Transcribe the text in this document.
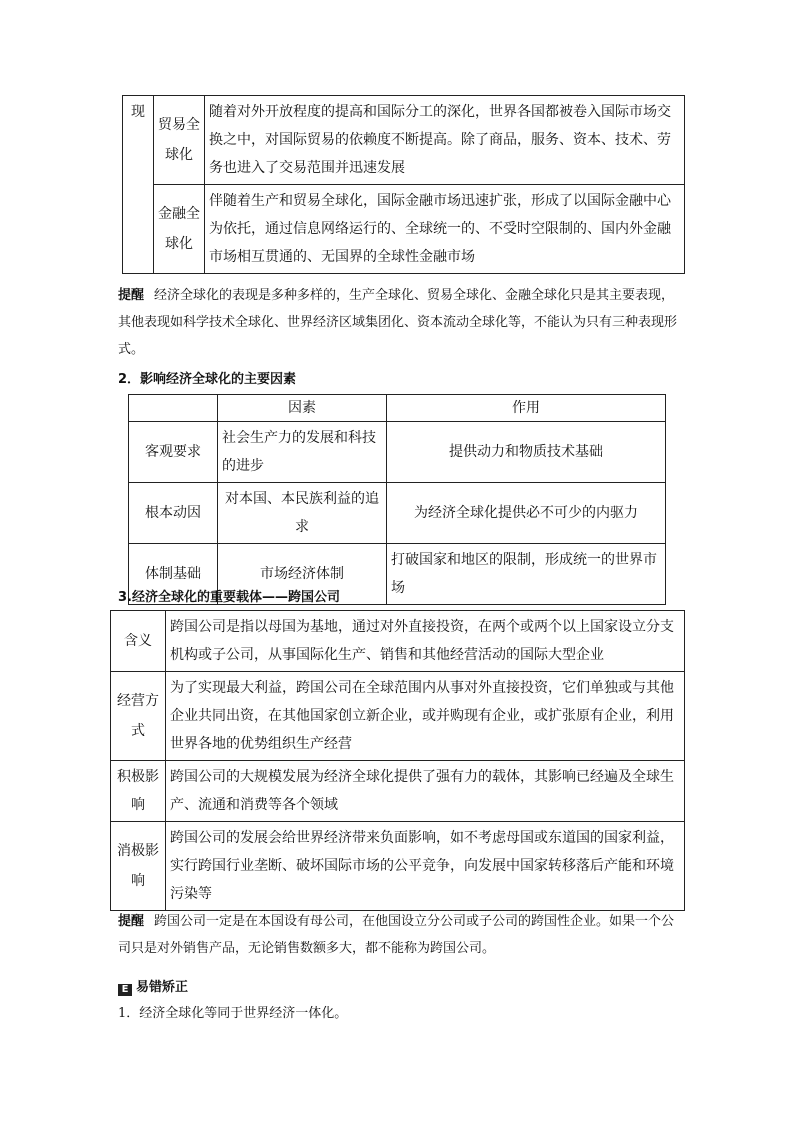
现	贸易全球化	随着对外开放程度的提高和国际分工的深化，世界各国都被卷入国际市场交换之中，对国际贸易的依赖度不断提高。除了商品，服务、资本、技术、劳务也进入了交易范围并迅速发展
	金融全球化	伴随着生产和贸易全球化，国际金融市场迅速扩张，形成了以国际金融中心为依托，通过信息网络运行的、全球统一的、不受时空限制的、国内外金融市场相互贯通的、无国界的全球性金融市场
提醒 经济全球化的表现是多种多样的，生产全球化、贸易全球化、金融全球化只是其主要表现，其他表现如科学技术全球化、世界经济区域集团化、资本流动全球化等，不能认为只有三种表现形式。
2．影响经济全球化的主要因素
	因素	作用
客观要求	社会生产力的发展和科技的进步	提供动力和物质技术基础
根本动因	对本国、本民族利益的追求	为经济全球化提供必不可少的内驱力
体制基础	市场经济体制	打破国家和地区的限制，形成统一的世界市场
3.经济全球化的重要载体——跨国公司
含义	跨国公司是指以母国为基地，通过对外直接投资，在两个或两个以上国家设立分支机构或子公司，从事国际化生产、销售和其他经营活动的国际大型企业
经营方式	为了实现最大利益，跨国公司在全球范围内从事对外直接投资，它们单独或与其他企业共同出资，在其他国家创立新企业，或并购现有企业，或扩张原有企业，利用世界各地的优势组织生产经营
积极影响	跨国公司的大规模发展为经济全球化提供了强有力的载体，其影响已经遍及全球生产、流通和消费等各个领域
消极影响	跨国公司的发展会给世界经济带来负面影响，如不考虑母国或东道国的国家利益，实行跨国行业垄断、破坏国际市场的公平竞争，向发展中国家转移落后产能和环境污染等
提醒 跨国公司一定是在本国设有母公司，在他国设立分公司或子公司的跨国性企业。如果一个公司只是对外销售产品，无论销售数额多大，都不能称为跨国公司。
E 易错矫正
1．经济全球化等同于世界经济一体化。
